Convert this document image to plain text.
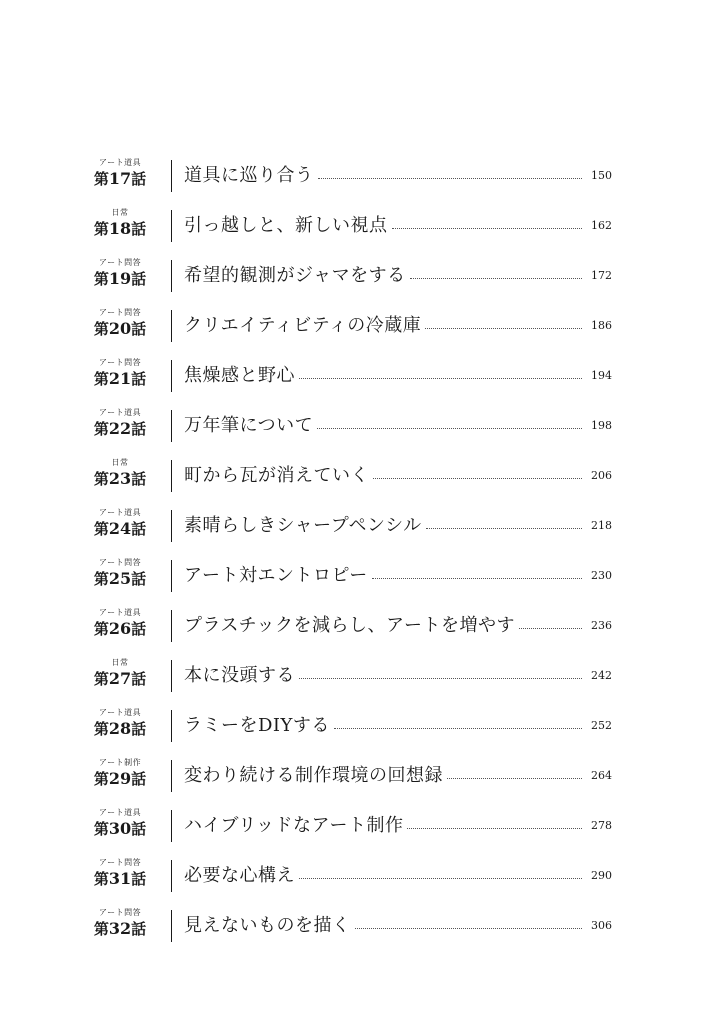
アート道具
第17話	道具に巡り合う	150
日常
第18話	引っ越しと、新しい視点	162
アート問答
第19話	希望的観測がジャマをする	172
アート問答
第20話	クリエイティビティの冷蔵庫	186
アート問答
第21話	焦燥感と野心	194
アート道具
第22話	万年筆について	198
日常
第23話	町から瓦が消えていく	206
アート道具
第24話	素晴らしきシャープペンシル	218
アート問答
第25話	アート対エントロピー	230
アート道具
第26話	プラスチックを減らし、アートを増やす	236
日常
第27話	本に没頭する	242
アート道具
第28話	ラミーをDIYする	252
アート制作
第29話	変わり続ける制作環境の回想録	264
アート道具
第30話	ハイブリッドなアート制作	278
アート問答
第31話	必要な心構え	290
アート問答
第32話	見えないものを描く	306
